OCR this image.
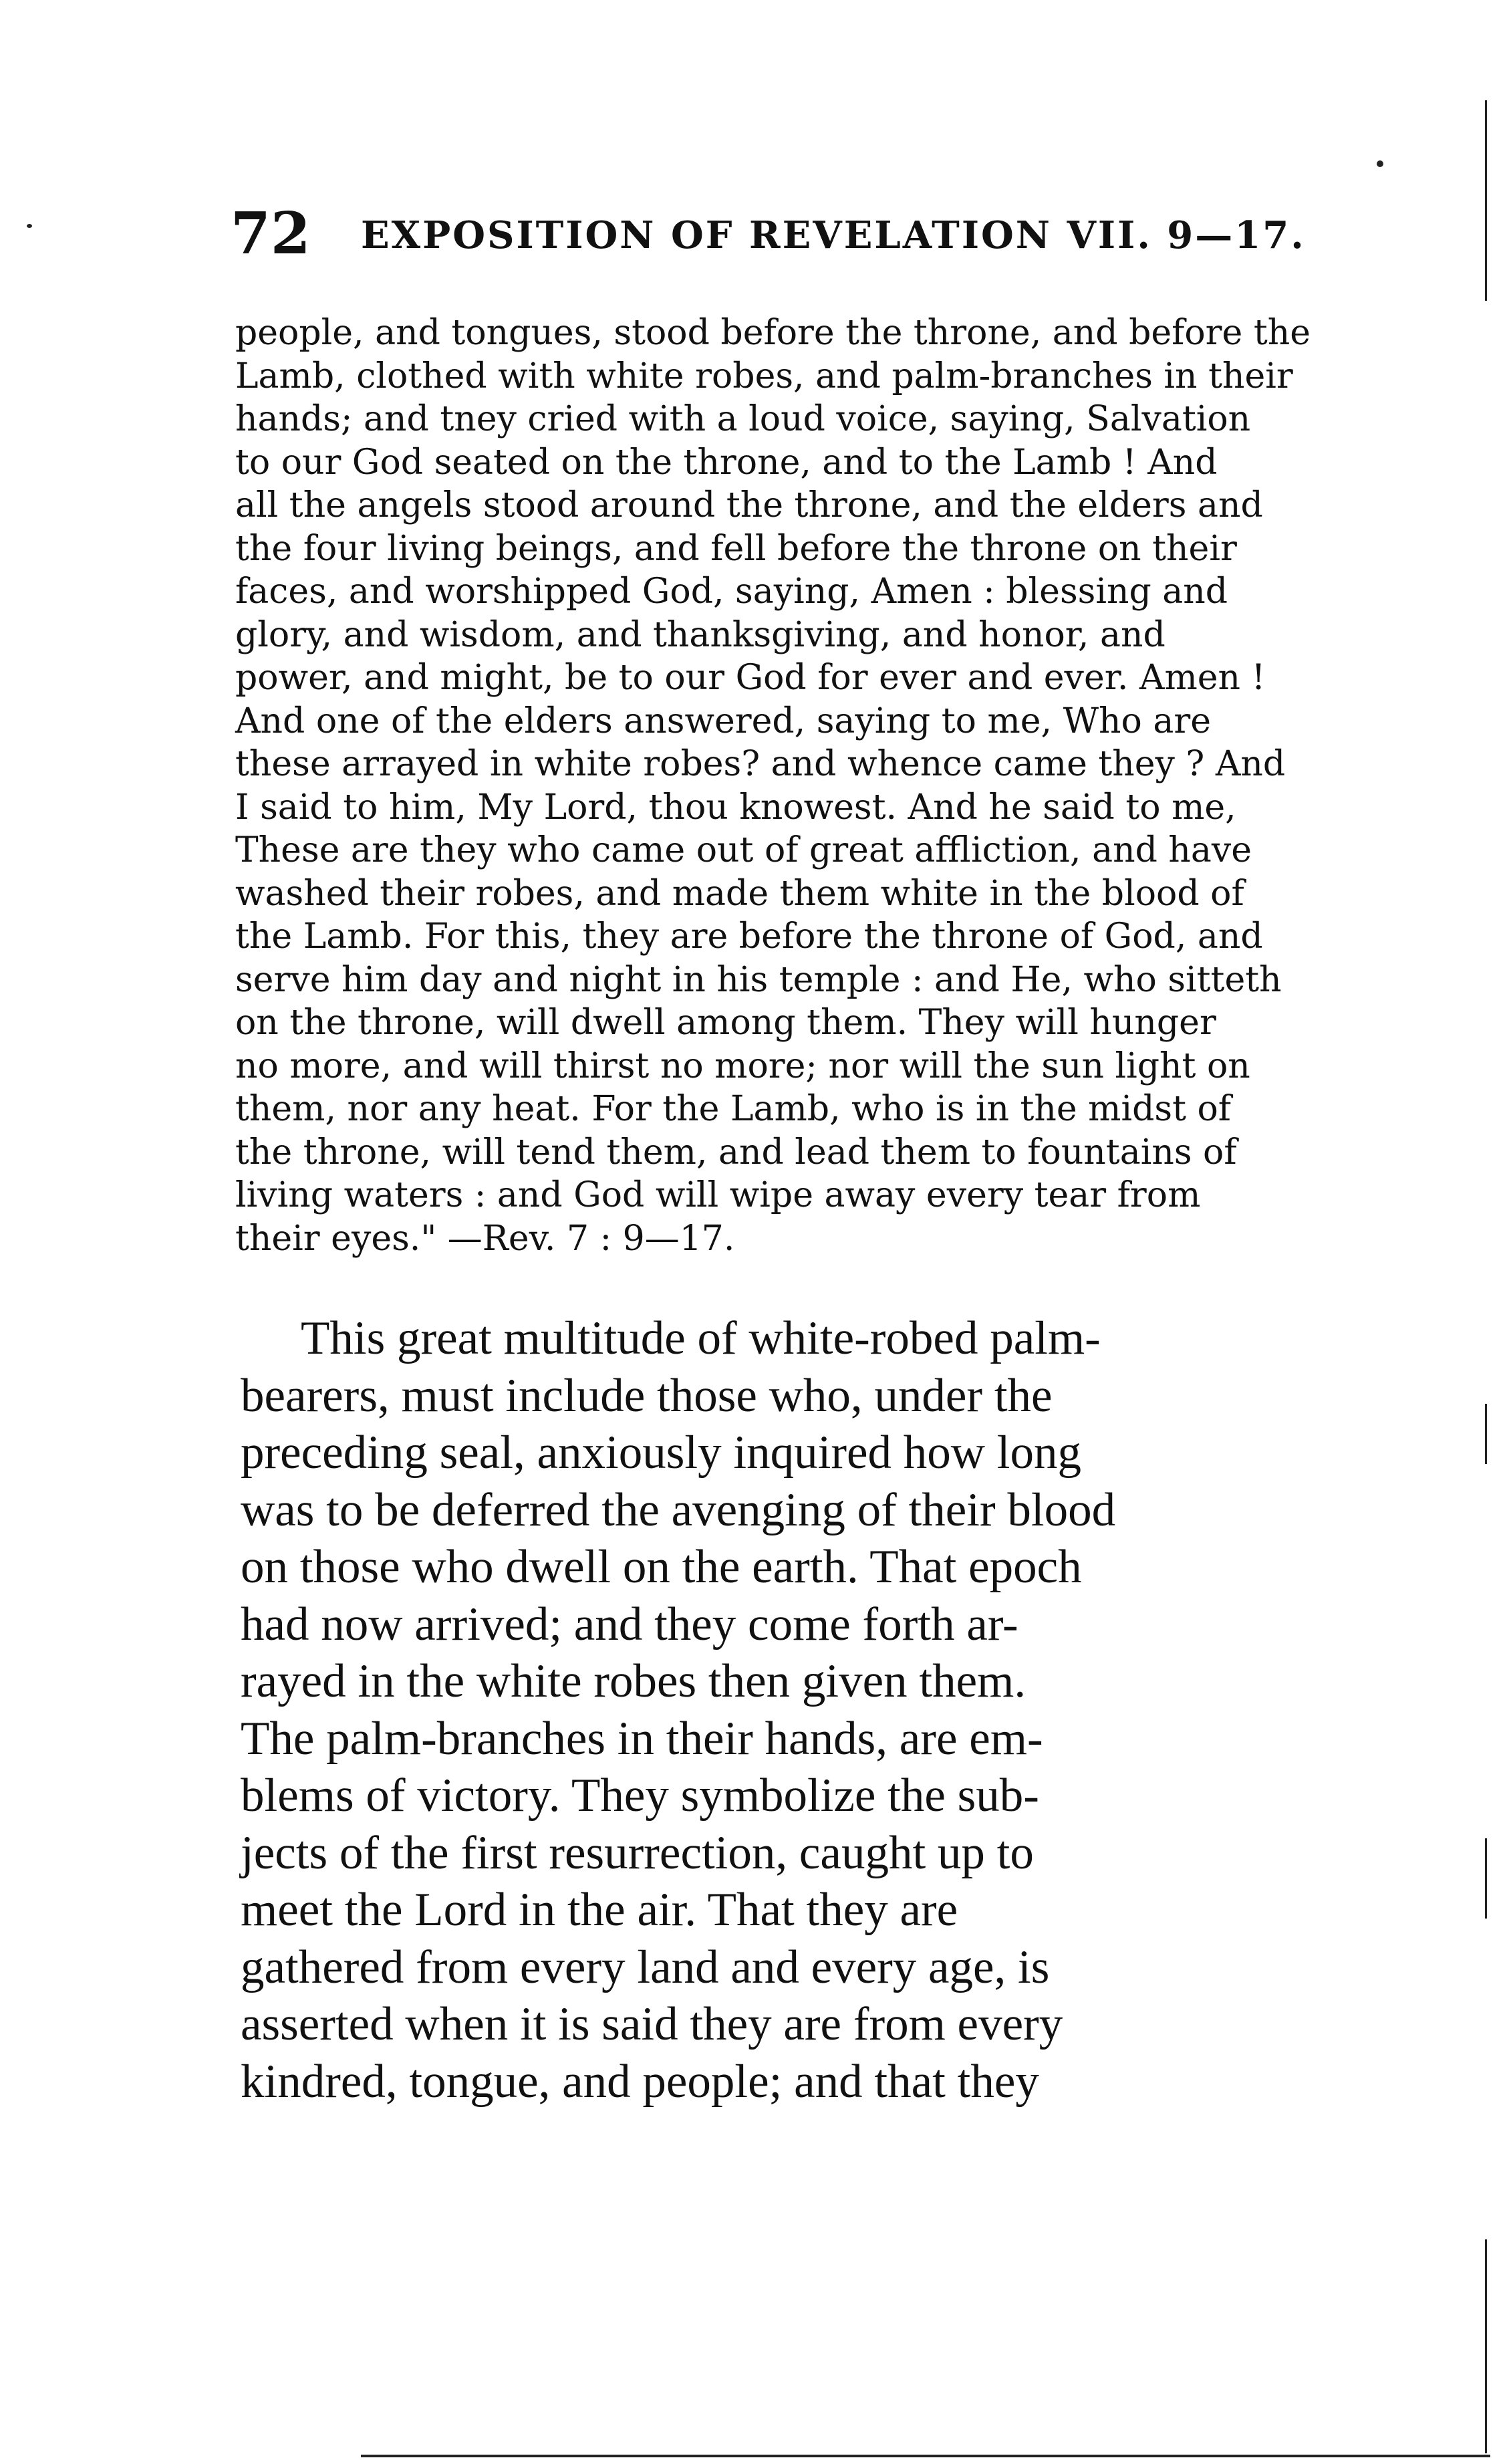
72 EXPOSITION OF REVELATION VII. 9—17.
people, and tongues, stood before the throne, and before the
Lamb, clothed with white robes, and palm-branches in their
hands; and tney cried with a loud voice, saying, Salvation
to our God seated on the throne, and to the Lamb ! And
all the angels stood around the throne, and the elders and
the four living beings, and fell before the throne on their
faces, and worshipped God, saying, Amen : blessing and
glory, and wisdom, and thanksgiving, and honor, and
power, and might, be to our God for ever and ever. Amen !
And one of the elders answered, saying to me, Who are
these arrayed in white robes? and whence came they ? And
I said to him, My Lord, thou knowest. And he said to me,
These are they who came out of great affliction, and have
washed their robes, and made them white in the blood of
the Lamb. For this, they are before the throne of God, and
serve him day and night in his temple : and He, who sitteth
on the throne, will dwell among them. They will hunger
no more, and will thirst no more; nor will the sun light on
them, nor any heat. For the Lamb, who is in the midst of
the throne, will tend them, and lead them to fountains of
living waters : and God will wipe away every tear from
their eyes." —Rev. 7 : 9—17.
This great multitude of white-robed palm-
bearers, must include those who, under the
preceding seal, anxiously inquired how long
was to be deferred the avenging of their blood
on those who dwell on the earth. That epoch
had now arrived; and they come forth ar-
rayed in the white robes then given them.
The palm-branches in their hands, are em-
blems of victory. They symbolize the sub-
jects of the first resurrection, caught up to
meet the Lord in the air. That they are
gathered from every land and every age, is
asserted when it is said they are from every
kindred, tongue, and people; and that they
